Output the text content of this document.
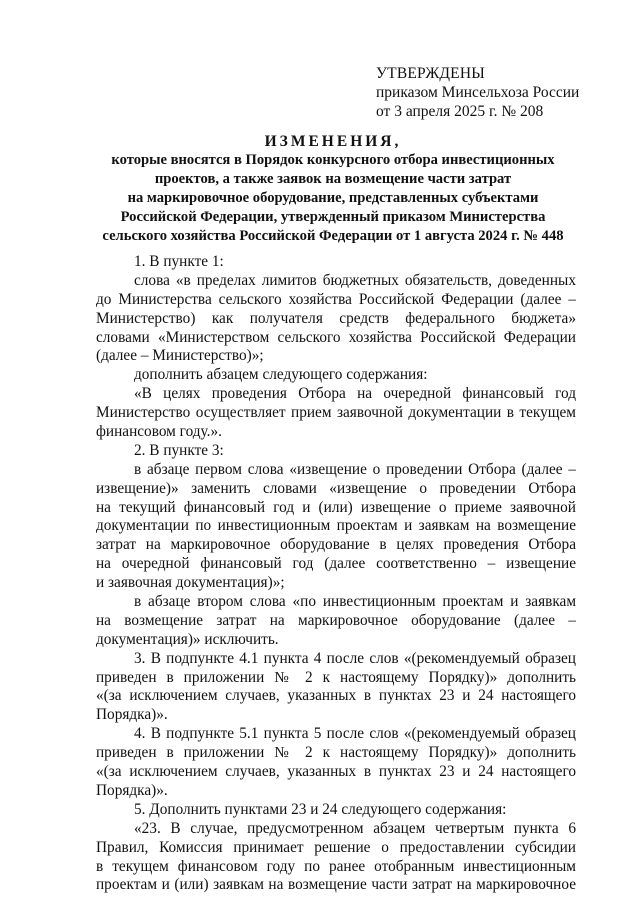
УТВЕРЖДЕНЫ
приказом Минсельхоза России
от 3 апреля 2025 г. № 208
ИЗМЕНЕНИЯ,
которые вносятся в Порядок конкурсного отбора инвестиционных
проектов, а также заявок на возмещение части затрат
на маркировочное оборудование, представленных субъектами
Российской Федерации, утвержденный приказом Министерства
сельского хозяйства Российской Федерации от 1 августа 2024 г. № 448
1. В пункте 1:
слова «в пределах лимитов бюджетных обязательств, доведенных
до Министерства сельского хозяйства Российской Федерации (далее –
Министерство) как получателя средств федерального бюджета»
словами «Министерством сельского хозяйства Российской Федерации
(далее – Министерство)»;
дополнить абзацем следующего содержания:
«В целях проведения Отбора на очередной финансовый год
Министерство осуществляет прием заявочной документации в текущем
финансовом году.».
2. В пункте 3:
в абзаце первом слова «извещение о проведении Отбора (далее –
извещение)» заменить словами «извещение о проведении Отбора
на текущий финансовый год и (или) извещение о приеме заявочной
документации по инвестиционным проектам и заявкам на возмещение
затрат на маркировочное оборудование в целях проведения Отбора
на очередной финансовый год (далее соответственно – извещение
и заявочная документация)»;
в абзаце втором слова «по инвестиционным проектам и заявкам
на возмещение затрат на маркировочное оборудование (далее –
документация)» исключить.
3. В подпункте 4.1 пункта 4 после слов «(рекомендуемый образец
приведен в приложении № 2 к настоящему Порядку)» дополнить
«(за исключением случаев, указанных в пунктах 23 и 24 настоящего
Порядка)».
4. В подпункте 5.1 пункта 5 после слов «(рекомендуемый образец
приведен в приложении № 2 к настоящему Порядку)» дополнить
«(за исключением случаев, указанных в пунктах 23 и 24 настоящего
Порядка)».
5. Дополнить пунктами 23 и 24 следующего содержания:
«23. В случае, предусмотренном абзацем четвертым пункта 6
Правил, Комиссия принимает решение о предоставлении субсидии
в текущем финансовом году по ранее отобранным инвестиционным
проектам и (или) заявкам на возмещение части затрат на маркировочное
